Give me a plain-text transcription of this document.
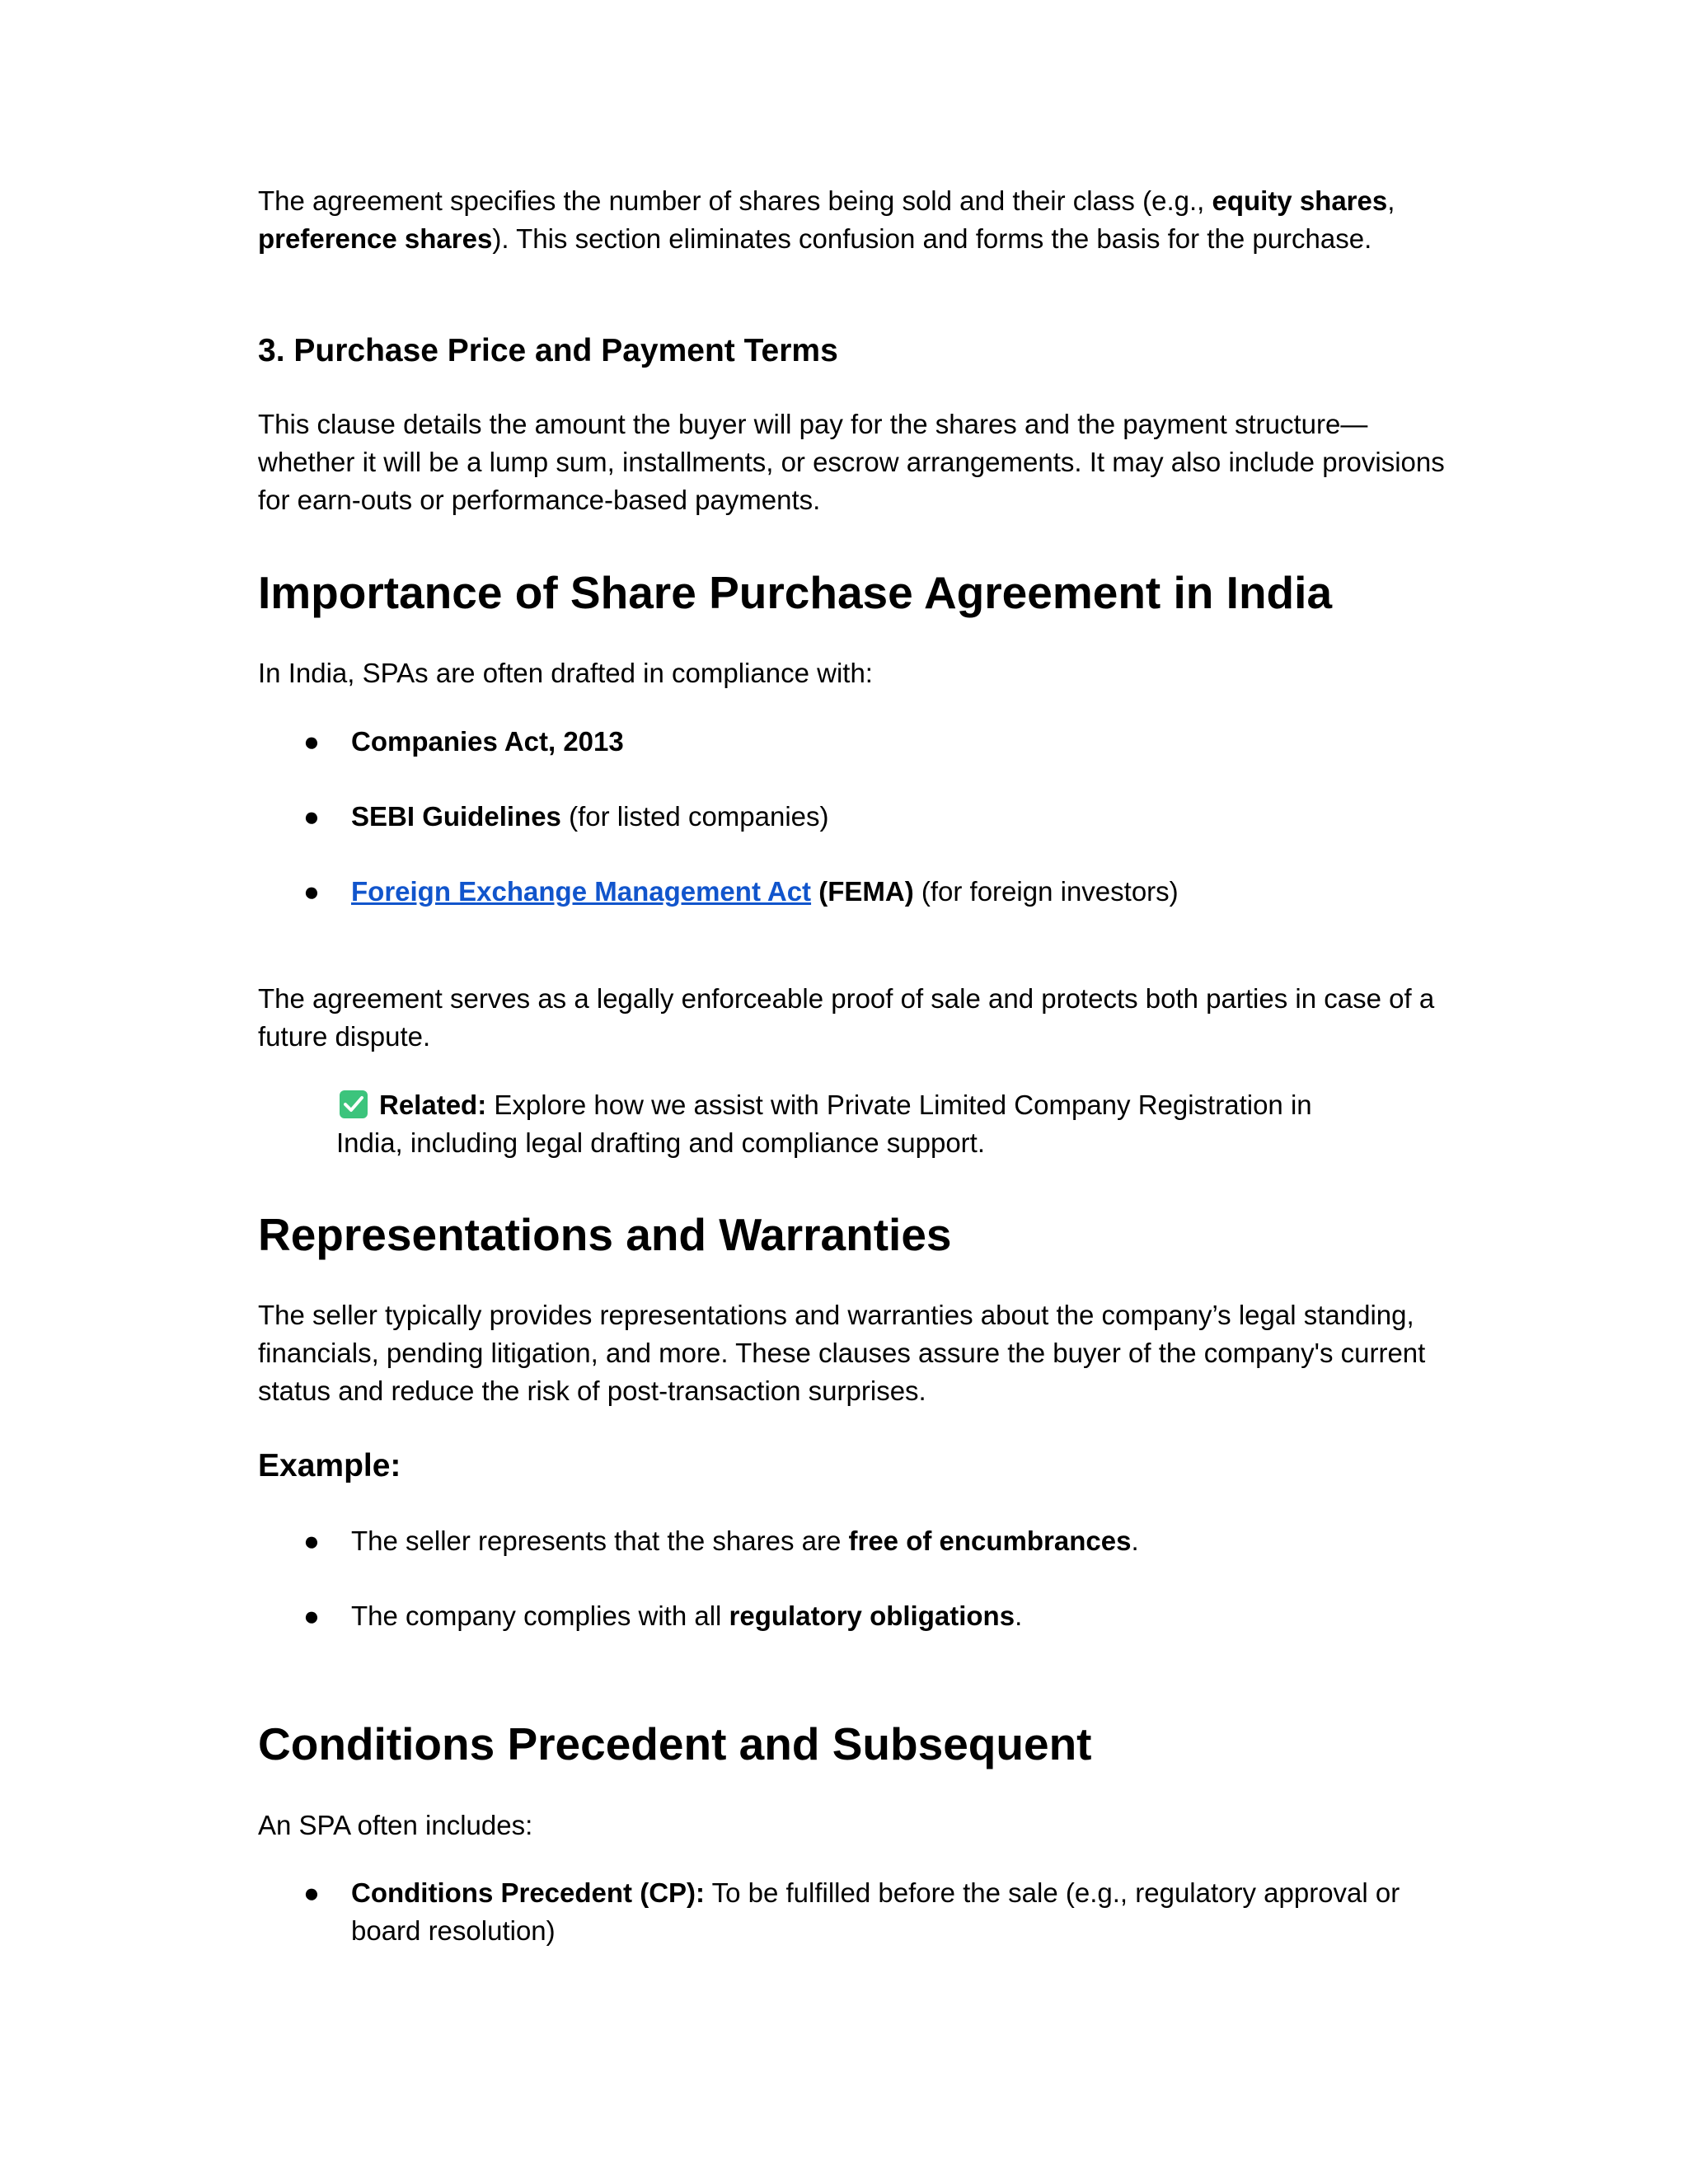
The agreement specifies the number of shares being sold and their class (e.g., equity shares, preference shares). This section eliminates confusion and forms the basis for the purchase.

3. Purchase Price and Payment Terms

This clause details the amount the buyer will pay for the shares and the payment structure—whether it will be a lump sum, installments, or escrow arrangements. It may also include provisions for earn-outs or performance-based payments.

Importance of Share Purchase Agreement in India

In India, SPAs are often drafted in compliance with:

● Companies Act, 2013

● SEBI Guidelines (for listed companies)

● Foreign Exchange Management Act (FEMA) (for foreign investors)

The agreement serves as a legally enforceable proof of sale and protects both parties in case of a future dispute.

Related: Explore how we assist with Private Limited Company Registration in India, including legal drafting and compliance support.

Representations and Warranties

The seller typically provides representations and warranties about the company’s legal standing, financials, pending litigation, and more. These clauses assure the buyer of the company's current status and reduce the risk of post-transaction surprises.

Example:
● The seller represents that the shares are free of encumbrances.

● The company complies with all regulatory obligations.

Conditions Precedent and Subsequent

An SPA often includes:

● Conditions Precedent (CP): To be fulfilled before the sale (e.g., regulatory approval or board resolution)
